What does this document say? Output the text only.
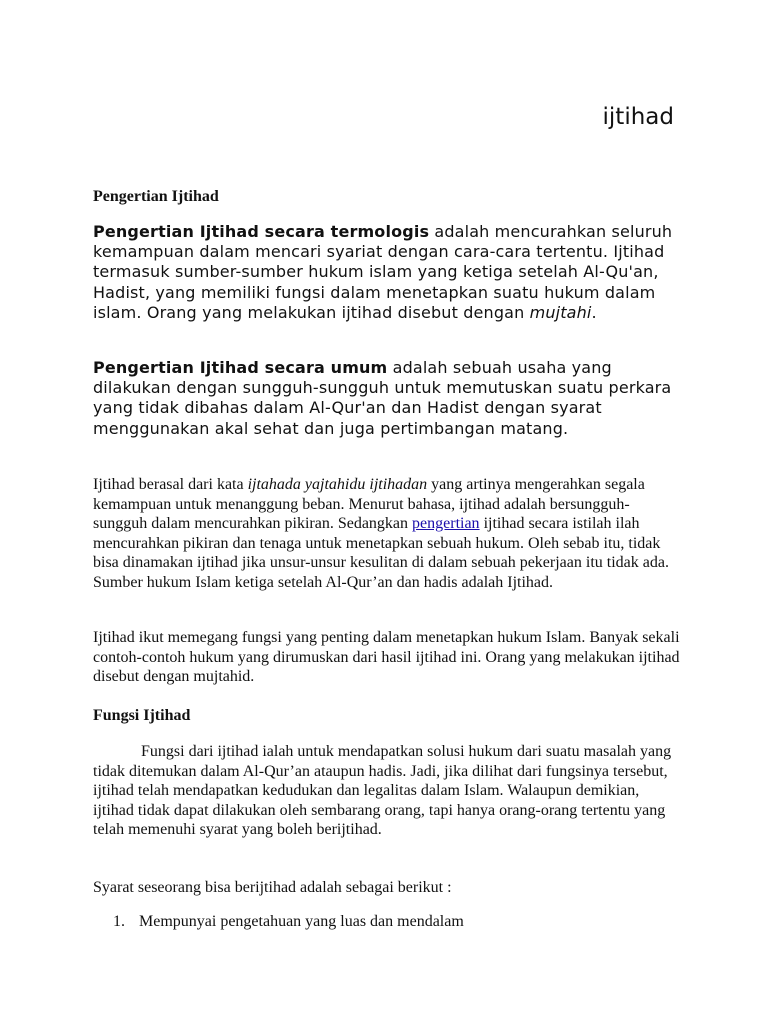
ijtihad

Pengertian Ijtihad

Pengertian Ijtihad secara termologis adalah mencurahkan seluruh kemampuan dalam mencari syariat dengan cara-cara tertentu. Ijtihad termasuk sumber-sumber hukum islam yang ketiga setelah Al-Qu'an, Hadist, yang memiliki fungsi dalam menetapkan suatu hukum dalam islam. Orang yang melakukan ijtihad disebut dengan mujtahi.

Pengertian Ijtihad secara umum adalah sebuah usaha yang dilakukan dengan sungguh-sungguh untuk memutuskan suatu perkara yang tidak dibahas dalam Al-Qur'an dan Hadist dengan syarat menggunakan akal sehat dan juga pertimbangan matang.

Ijtihad berasal dari kata ijtahada yajtahidu ijtihadan yang artinya mengerahkan segala kemampuan untuk menanggung beban. Menurut bahasa, ijtihad adalah bersungguh-sungguh dalam mencurahkan pikiran. Sedangkan pengertian ijtihad secara istilah ilah mencurahkan pikiran dan tenaga untuk menetapkan sebuah hukum. Oleh sebab itu, tidak bisa dinamakan ijtihad jika unsur-unsur kesulitan di dalam sebuah pekerjaan itu tidak ada. Sumber hukum Islam ketiga setelah Al-Qur’an dan hadis adalah Ijtihad.

Ijtihad ikut memegang fungsi yang penting dalam menetapkan hukum Islam. Banyak sekali contoh-contoh hukum yang dirumuskan dari hasil ijtihad ini. Orang yang melakukan ijtihad disebut dengan mujtahid.

Fungsi Ijtihad

Fungsi dari ijtihad ialah untuk mendapatkan solusi hukum dari suatu masalah yang tidak ditemukan dalam Al-Qur’an ataupun hadis. Jadi, jika dilihat dari fungsinya tersebut, ijtihad telah mendapatkan kedudukan dan legalitas dalam Islam. Walaupun demikian, ijtihad tidak dapat dilakukan oleh sembarang orang, tapi hanya orang-orang tertentu yang telah memenuhi syarat yang boleh berijtihad.

Syarat seseorang bisa berijtihad adalah sebagai berikut :

1. Mempunyai pengetahuan yang luas dan mendalam
